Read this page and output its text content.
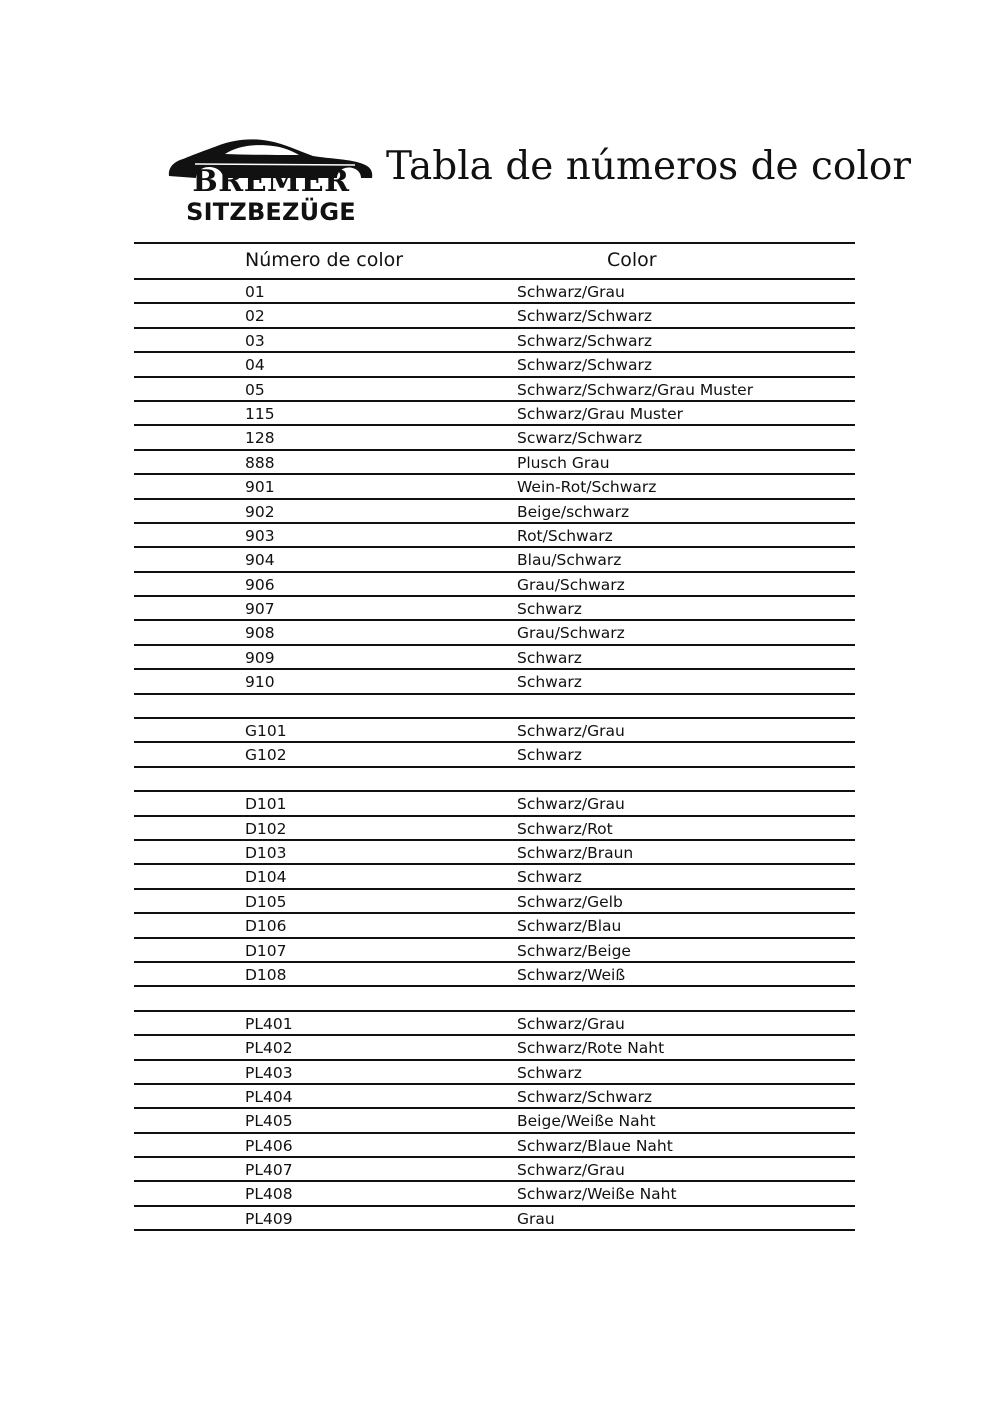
BREMER
SITZBEZÜGE
Tabla de números de color
Número de color	Color
01	Schwarz/Grau
02	Schwarz/Schwarz
03	Schwarz/Schwarz
04	Schwarz/Schwarz
05	Schwarz/Schwarz/Grau Muster
115	Schwarz/Grau Muster
128	Scwarz/Schwarz
888	Plusch Grau
901	Wein-Rot/Schwarz
902	Beige/schwarz
903	Rot/Schwarz
904	Blau/Schwarz
906	Grau/Schwarz
907	Schwarz
908	Grau/Schwarz
909	Schwarz
910	Schwarz
G101	Schwarz/Grau
G102	Schwarz
D101	Schwarz/Grau
D102	Schwarz/Rot
D103	Schwarz/Braun
D104	Schwarz
D105	Schwarz/Gelb
D106	Schwarz/Blau
D107	Schwarz/Beige
D108	Schwarz/Weiß
PL401	Schwarz/Grau
PL402	Schwarz/Rote Naht
PL403	Schwarz
PL404	Schwarz/Schwarz
PL405	Beige/Weiße Naht
PL406	Schwarz/Blaue Naht
PL407	Schwarz/Grau
PL408	Schwarz/Weiße Naht
PL409	Grau
